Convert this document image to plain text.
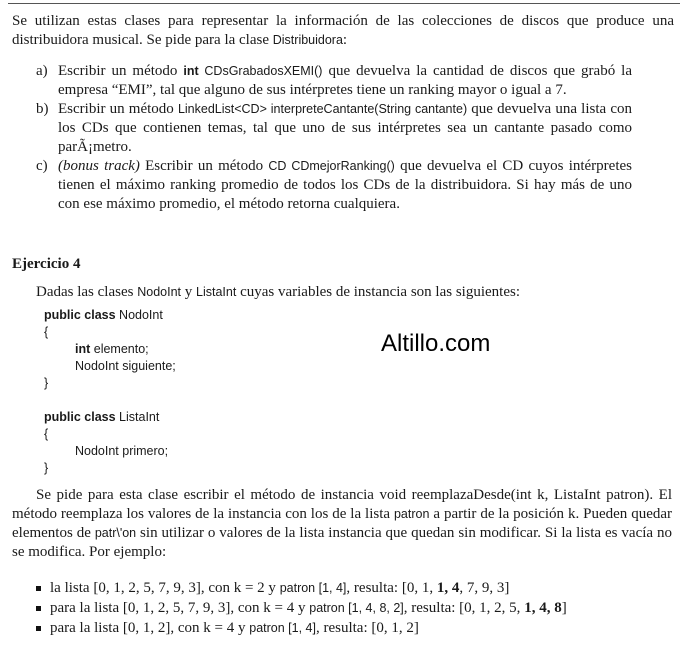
Se utilizan estas clases para representar la información de las colecciones de discos que produce una distribuidora musical. Se pide para la clase Distribuidora:

a) Escribir un método int CDsGrabadosXEMI() que devuelva la cantidad de discos que grabó la empresa “EMI”, tal que alguno de sus intérpretes tiene un ranking mayor o igual a 7.
b) Escribir un método LinkedList<CD> interpreteCantante(String cantante) que devuelva una lista con los CDs que contienen temas, tal que uno de sus intérpretes sea un cantante pasado como parÃ¡metro.
c) (bonus track) Escribir un método CD CDmejorRanking() que devuelva el CD cuyos intérpretes tienen el máximo ranking promedio de todos los CDs de la distribuidora. Si hay más de uno con ese máximo promedio, el método retorna cualquiera.
Ejercicio 4

Dadas las clases NodoInt y ListaInt cuyas variables de instancia son las siguientes:

public class NodoInt
{
int elemento;
NodoInt siguiente;
}
public class ListaInt
{
NodoInt primero;
}
Altillo.com

Se pide para esta clase escribir el método de instancia void reemplazaDesde(int k, ListaInt patron). El método reemplaza los valores de la instancia con los de la lista patron a partir de la posición k. Pueden quedar elementos de patr\'on sin utilizar o valores de la lista instancia que quedan sin modificar. Si la lista es vacía no se modifica. Por ejemplo:

la lista [0, 1, 2, 5, 7, 9, 3], con k = 2 y patron [1, 4], resulta: [0, 1, 1, 4, 7, 9, 3]
para la lista [0, 1, 2, 5, 7, 9, 3], con k = 4 y patron [1, 4, 8, 2], resulta: [0, 1, 2, 5, 1, 4, 8]
para la lista [0, 1, 2], con k = 4 y patron [1, 4], resulta: [0, 1, 2]
